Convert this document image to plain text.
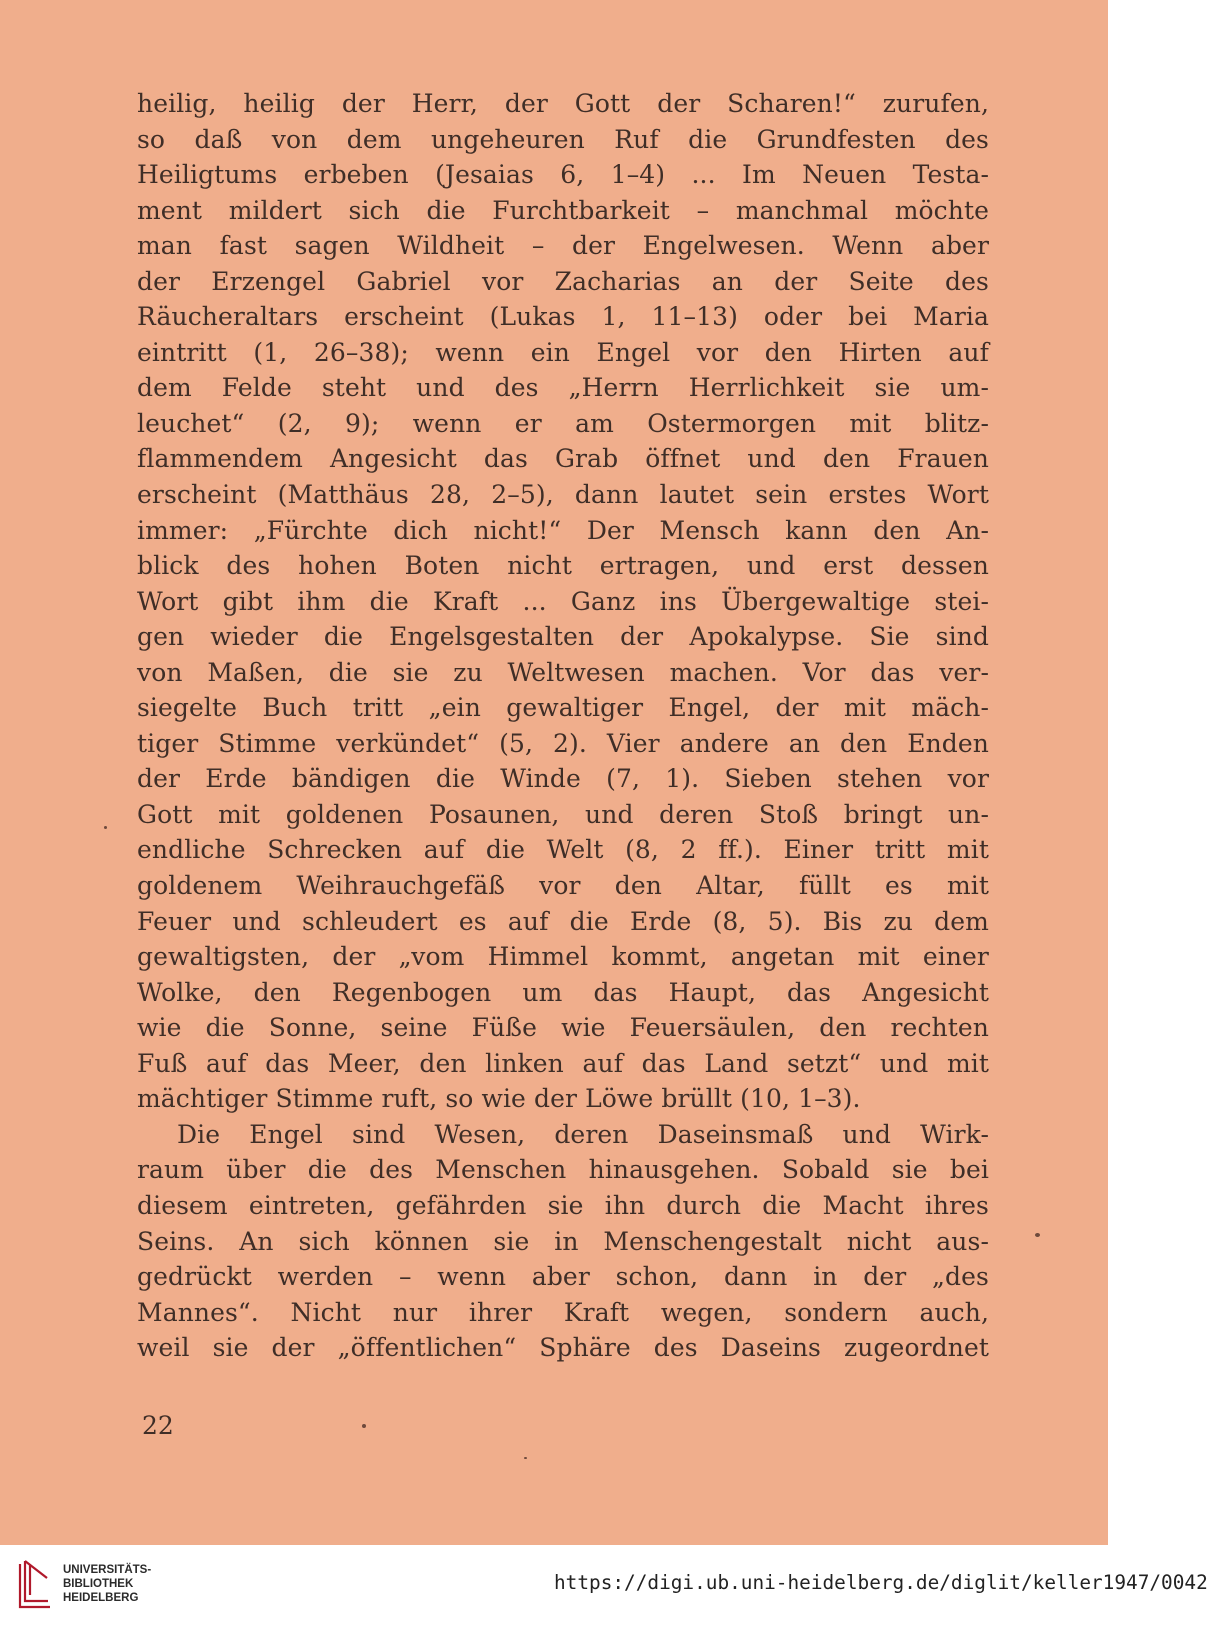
heilig, heilig der Herr, der Gott der Scharen!“ zurufen,
so daß von dem ungeheuren Ruf die Grundfesten des
Heiligtums erbeben (Jesaias 6, 1–4) ... Im Neuen Testa-
ment mildert sich die Furchtbarkeit – manchmal möchte
man fast sagen Wildheit – der Engelwesen. Wenn aber
der Erzengel Gabriel vor Zacharias an der Seite des
Räucheraltars erscheint (Lukas 1, 11–13) oder bei Maria
eintritt (1, 26–38); wenn ein Engel vor den Hirten auf
dem Felde steht und des „Herrn Herrlichkeit sie um-
leuchet“ (2, 9); wenn er am Ostermorgen mit blitz-
flammendem Angesicht das Grab öffnet und den Frauen
erscheint (Matthäus 28, 2–5), dann lautet sein erstes Wort
immer: „Fürchte dich nicht!“ Der Mensch kann den An-
blick des hohen Boten nicht ertragen, und erst dessen
Wort gibt ihm die Kraft ... Ganz ins Übergewaltige stei-
gen wieder die Engelsgestalten der Apokalypse. Sie sind
von Maßen, die sie zu Weltwesen machen. Vor das ver-
siegelte Buch tritt „ein gewaltiger Engel, der mit mäch-
tiger Stimme verkündet“ (5, 2). Vier andere an den Enden
der Erde bändigen die Winde (7, 1). Sieben stehen vor
Gott mit goldenen Posaunen, und deren Stoß bringt un-
endliche Schrecken auf die Welt (8, 2 ff.). Einer tritt mit
goldenem Weihrauchgefäß vor den Altar, füllt es mit
Feuer und schleudert es auf die Erde (8, 5). Bis zu dem
gewaltigsten, der „vom Himmel kommt, angetan mit einer
Wolke, den Regenbogen um das Haupt, das Angesicht
wie die Sonne, seine Füße wie Feuersäulen, den rechten
Fuß auf das Meer, den linken auf das Land setzt“ und mit
mächtiger Stimme ruft, so wie der Löwe brüllt (10, 1–3).
Die Engel sind Wesen, deren Daseinsmaß und Wirk-
raum über die des Menschen hinausgehen. Sobald sie bei
diesem eintreten, gefährden sie ihn durch die Macht ihres
Seins. An sich können sie in Menschengestalt nicht aus-
gedrückt werden – wenn aber schon, dann in der „des
Mannes“. Nicht nur ihrer Kraft wegen, sondern auch,
weil sie der „öffentlichen“ Sphäre des Daseins zugeordnet
22
UNIVERSITÄTS-
BIBLIOTHEK
HEIDELBERG
https://digi.ub.uni-heidelberg.de/diglit/keller1947/0042
